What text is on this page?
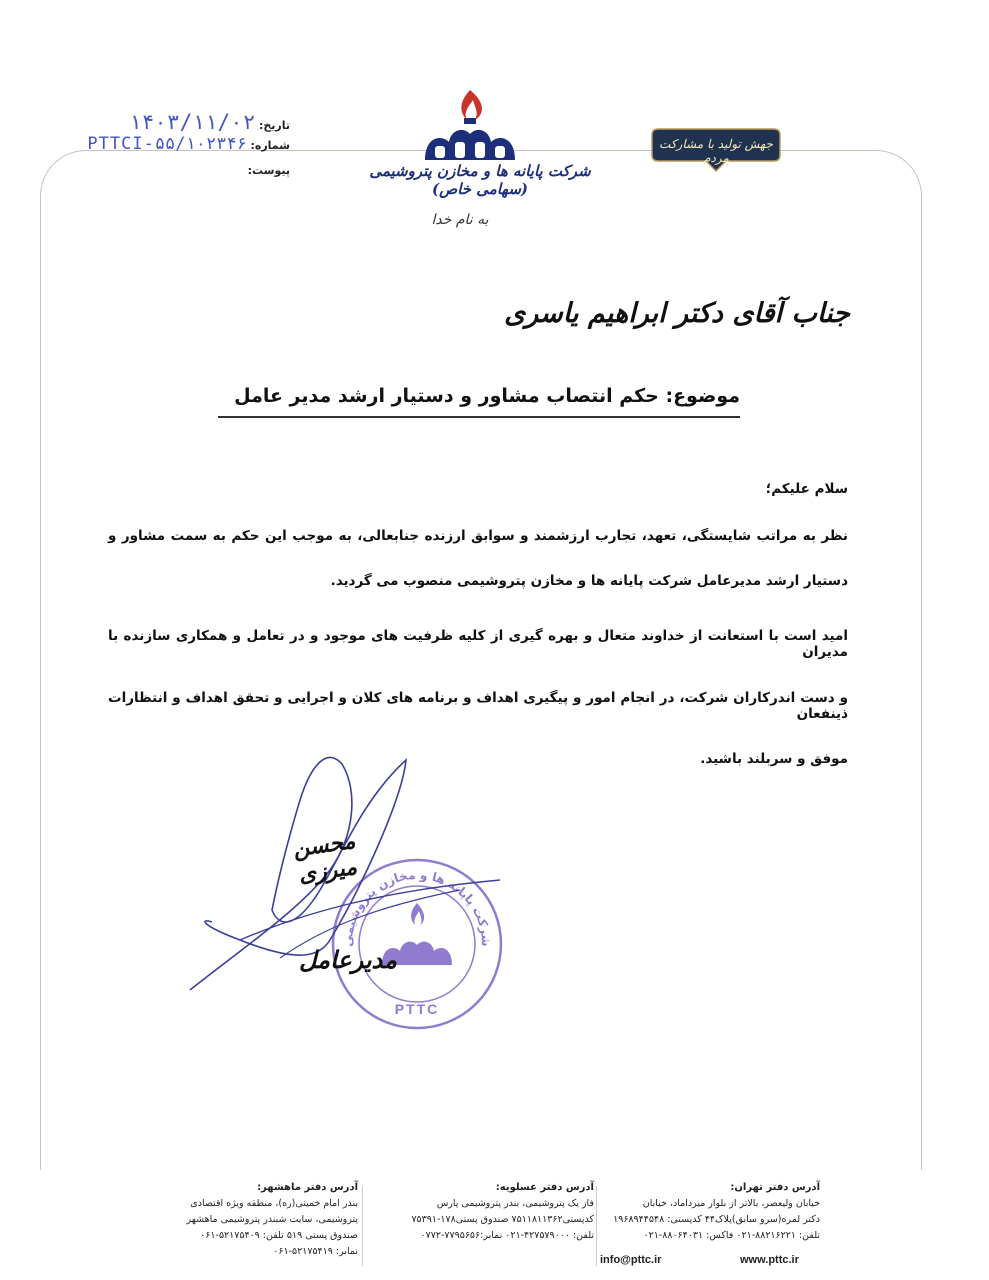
تاریخ: ۱۴۰۳/۱۱/۰۲
شماره: PTTCI-۵۵/۱۰۲۳۴۶
پیوست:	شرکت پایانه ها و مخازن پتروشیمی (سهامی خاص)
جهش تولید با مشارکت مردم
به نام خدا
جناب آقای دکتر ابراهیم یاسری
موضوع: حکم انتصاب مشاور و دستیار ارشد مدیر عامل
سلام علیکم؛
نظر به مراتب شایستگی، تعهد، تجارب ارزشمند و سوابق ارزنده جنابعالی، به موجب این حکم به سمت مشاور و
دستیار ارشد مدیرعامل شرکت پایانه ها و مخازن پتروشیمی منصوب می گردید.
امید است با استعانت از خداوند متعال و بهره گیری از کلیه ظرفیت های موجود و در تعامل و همکاری سازنده با مدیران
و دست اندرکاران شرکت، در انجام امور و پیگیری اهداف و برنامه های کلان و اجرایی و تحقق اهداف و انتظارات ذینفعان
موفق و سربلند باشید.
شرکت پایانه ها و مخازن پتروشیمی
PTTC
محسن میرزی
مدیرعامل
آدرس دفتر تهران:
خیابان ولیعصر، بالاتر از بلوار میرداماد، خیابان
دکتر لمره(سرو سابق)پلاک۴۴ کدپستی: ۱۹۶۸۹۴۴۵۴۸
تلفن: ۸۸۲۱۶۲۲۱-۰۲۱ فاکس: ۸۸۰۶۴۰۳۱-۰۲۱
آدرس دفتر عسلویه:
فاز یک پتروشیمی، بندر پتروشیمی پارس
کدپستی۷۵۱۱۸۱۱۳۶۲ صندوق پستی۱۷۸-۷۵۳۹۱
تلفن: ۴۲۷۵۷۹۰۰۰-۰۲۱ نمابر:۷۷۹۵۶۵۶-۰۷۷۲
آدرس دفتر ماهشهر:
بندر امام خمینی(ره)، منطقه ویژه اقتصادی
پتروشیمی، سایت شبندر پتروشیمی ماهشهر
صندوق پستی ۵۱۹ تلفن: ۵۲۱۷۵۴۰۹-۰۶۱
نمابر: ۵۲۱۷۵۴۱۹-۰۶۱
info@pttc.ir	www.pttc.ir
